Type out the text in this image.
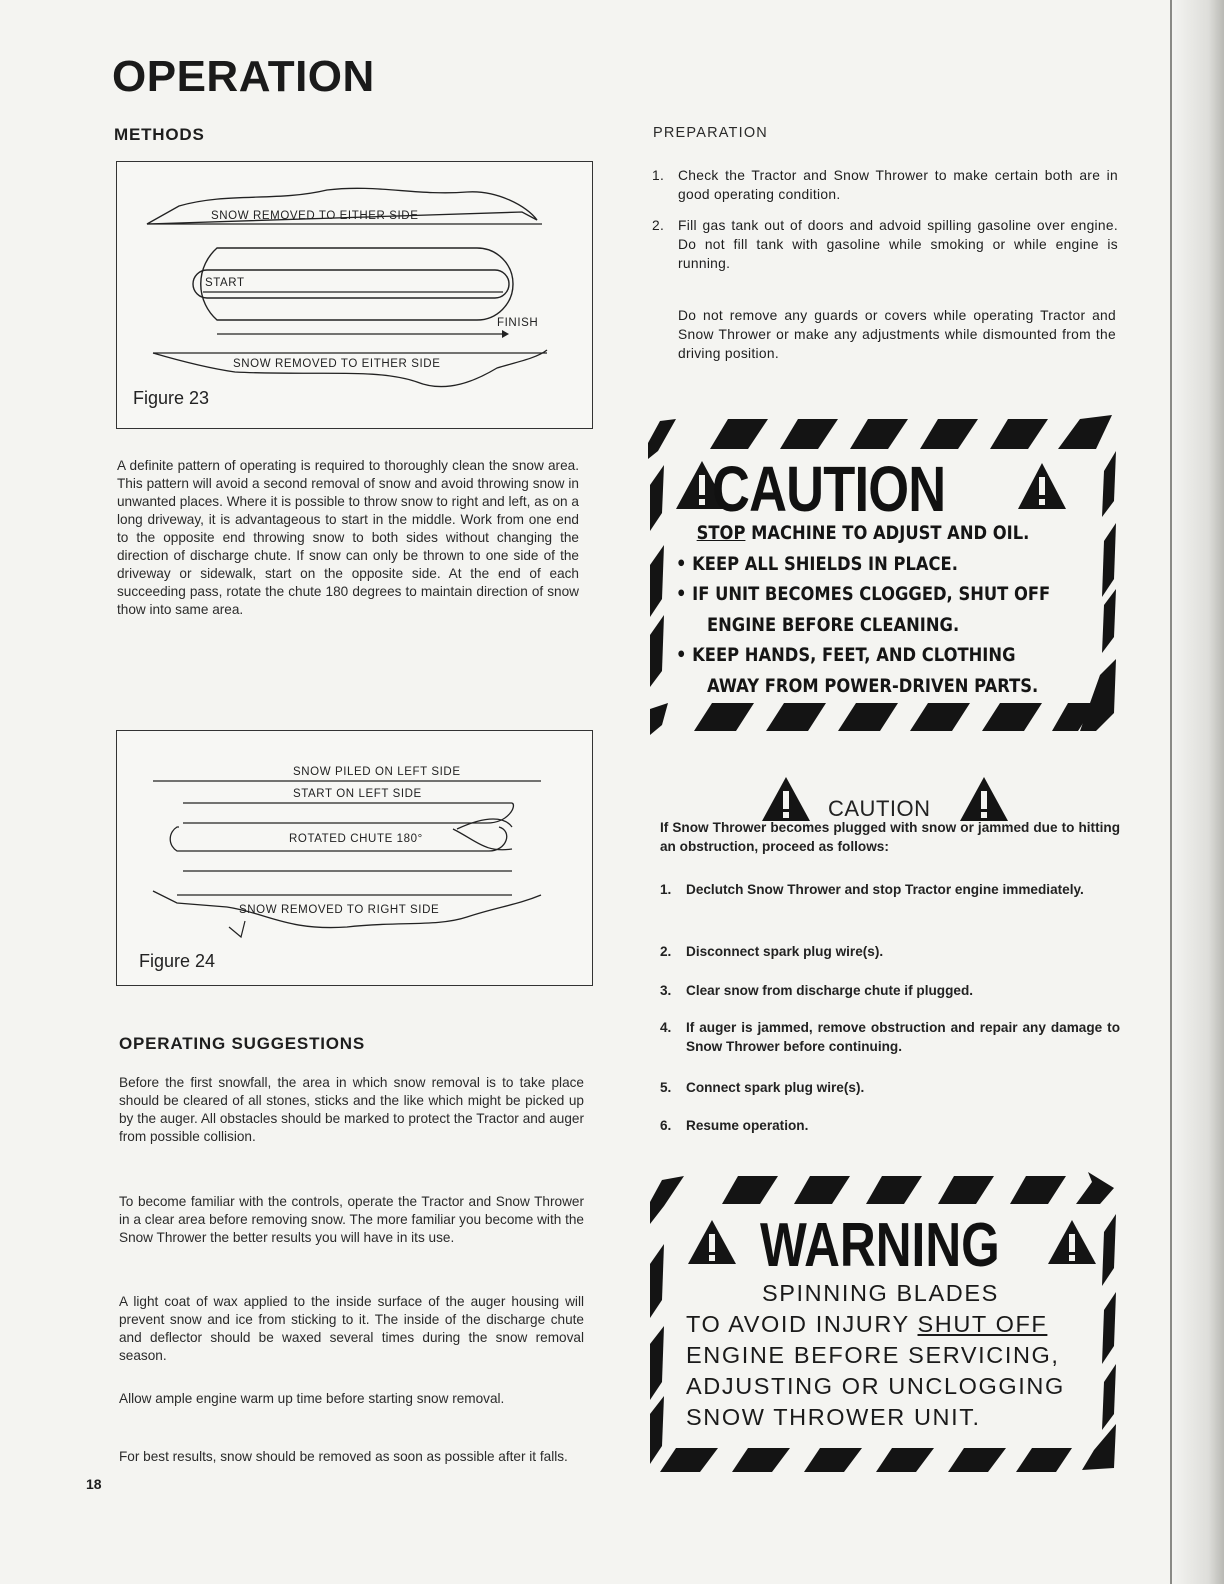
OPERATION
METHODS
SNOW REMOVED TO EITHER SIDE
START
FINISH
SNOW REMOVED TO EITHER SIDE
Figure 23
A definite pattern of operating is required to thoroughly clean the snow area. This pattern will avoid a second removal of snow and avoid throwing snow in unwanted places. Where it is possible to throw snow to right and left, as on a long driveway, it is advantageous to start in the middle. Work from one end to the opposite end throwing snow to both sides without changing the direction of discharge chute. If snow can only be thrown to one side of the driveway or sidewalk, start on the opposite side. At the end of each succeeding pass, rotate the chute 180 degrees to maintain direction of snow thow into same area.
SNOW PILED ON LEFT SIDE
START ON LEFT SIDE
ROTATED CHUTE 180°
SNOW REMOVED TO RIGHT SIDE
Figure 24
OPERATING SUGGESTIONS
Before the first snowfall, the area in which snow removal is to take place should be cleared of all stones, sticks and the like which might be picked up by the auger. All obstacles should be marked to protect the Tractor and auger from possible collision.
To become familiar with the controls, operate the Tractor and Snow Thrower in a clear area before removing snow. The more familiar you become with the Snow Thrower the better results you will have in its use.
A light coat of wax applied to the inside surface of the auger housing will prevent snow and ice from sticking to it. The inside of the discharge chute and deflector should be waxed several times during the snow removal season.
Allow ample engine warm up time before starting snow removal.
For best results, snow should be removed as soon as possible after it falls.
18
PREPARATION
1. Check the Tractor and Snow Thrower to make certain both are in good operating condition.
2. Fill gas tank out of doors and advoid spilling gasoline over engine. Do not fill tank with gasoline while smoking or while engine is running.
Do not remove any guards or covers while operating Tractor and Snow Thrower or make any adjustments while dismounted from the driving position.
CAUTION
STOP MACHINE TO ADJUST AND OIL.
• KEEP ALL SHIELDS IN PLACE.
• IF UNIT BECOMES CLOGGED, SHUT OFF
ENGINE BEFORE CLEANING.
• KEEP HANDS, FEET, AND CLOTHING
AWAY FROM POWER-DRIVEN PARTS.
CAUTION
If Snow Thrower becomes plugged with snow or jammed due to hitting an obstruction, proceed as follows:
1. Declutch Snow Thrower and stop Tractor engine immediately.
2. Disconnect spark plug wire(s).
3. Clear snow from discharge chute if plugged.
4. If auger is jammed, remove obstruction and repair any damage to Snow Thrower before continuing.
5. Connect spark plug wire(s).
6. Resume operation.
WARNING
SPINNING BLADES
TO AVOID INJURY SHUT OFF
ENGINE BEFORE SERVICING,
ADJUSTING OR UNCLOGGING
SNOW THROWER UNIT.
